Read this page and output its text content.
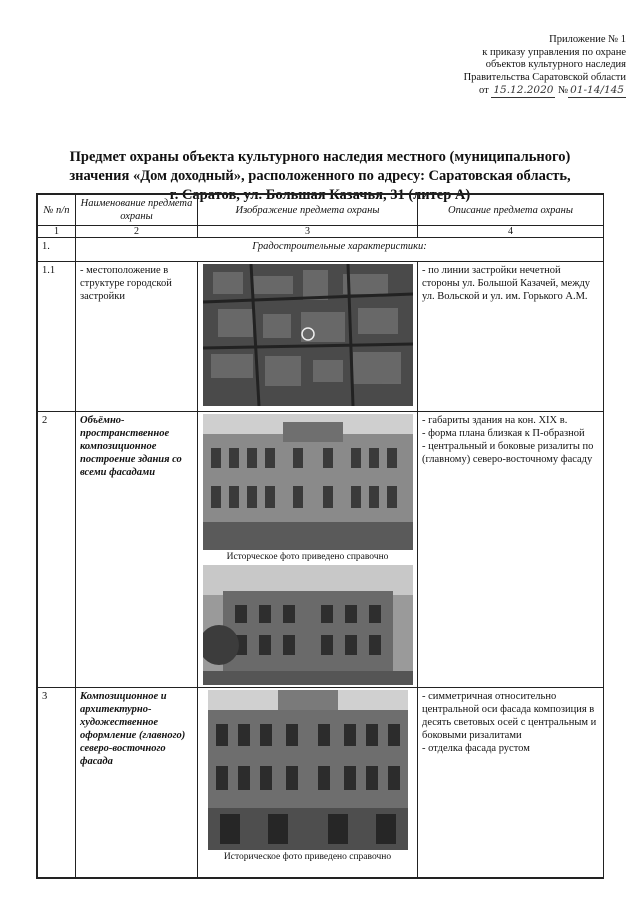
Приложение № 1
к приказу управления по охране
объектов культурного наследия
Правительства Саратовской области
от 15.12.2020 № 01-14/145
Предмет охраны объекта культурного наследия местного (муниципального)
значения «Дом доходный», расположенного по адресу: Саратовская область,
г. Саратов, ул. Большая Казачья, 31 (литер А)
№ п/п	Наименование предмета охраны	Изображение предмета охраны	Описание предмета охраны
1	2	3	4
1.	Градостроительные характеристики:		
1.1	- местоположение в структуре городской застройки		- по линии застройки нечетной стороны ул. Большой Казачей, между ул. Вольской и ул. им. Горького А.М.
2	Объёмно-пространственное композиционное построение здания со всеми фасадами	Исторческое фото приведено справочно	- габариты здания на кон. XIX в.
- форма плана близкая к П-образной
- центральный и боковые ризалиты по (главному) северо-восточному фасаду

3	Композиционное и архитектурно-художественное оформление (главного) северо-восточного фасада	Историческое фото приведено справочно	- симметричная относительно центральной оси фасада композиция в десять световых осей с центральным и боковыми ризалитами
- отделка фасада рустом
